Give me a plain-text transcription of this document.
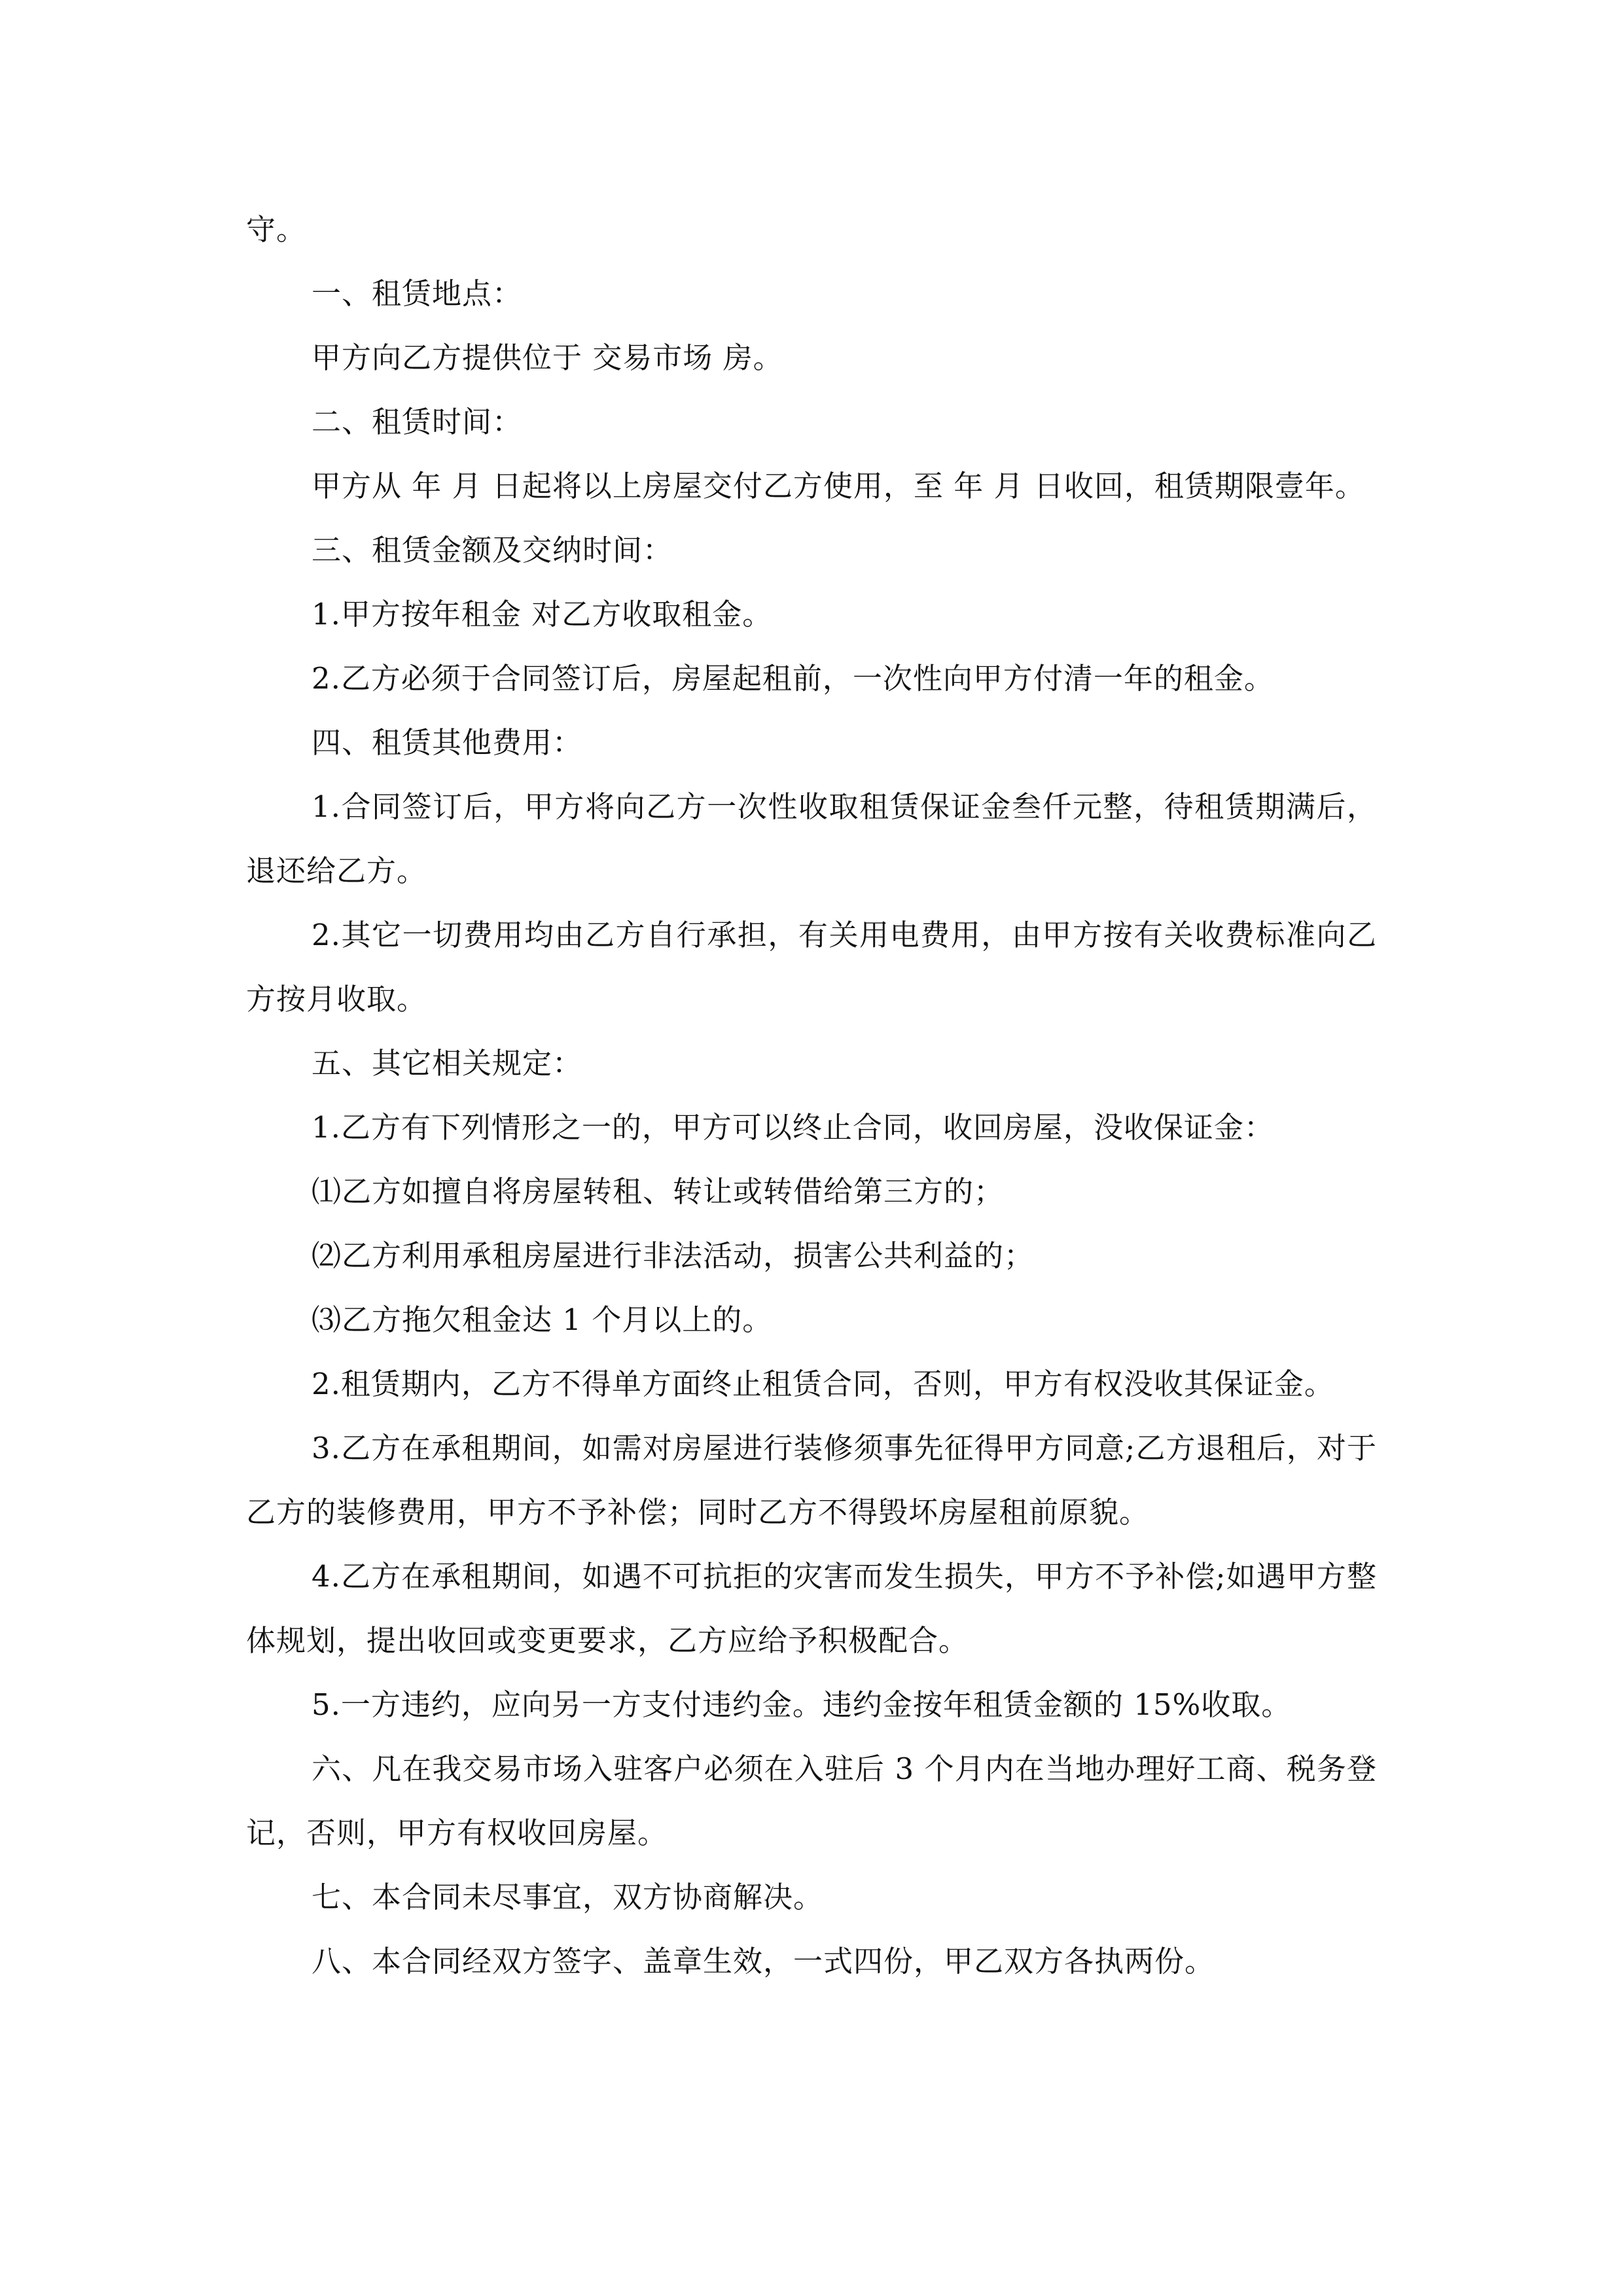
守。

一、租赁地点：

甲方向乙方提供位于 交易市场 房。

二、租赁时间：

甲方从 年 月 日起将以上房屋交付乙方使用，至 年 月 日收回，租赁期限壹年。

三、租赁金额及交纳时间：

1.甲方按年租金 对乙方收取租金。

2.乙方必须于合同签订后，房屋起租前，一次性向甲方付清一年的租金。

四、租赁其他费用：

1.合同签订后，甲方将向乙方一次性收取租赁保证金叁仟元整，待租赁期满后，退还给乙方。

2.其它一切费用均由乙方自行承担，有关用电费用，由甲方按有关收费标准向乙方按月收取。

五、其它相关规定：

1.乙方有下列情形之一的，甲方可以终止合同，收回房屋，没收保证金：

⑴乙方如擅自将房屋转租、转让或转借给第三方的；

⑵乙方利用承租房屋进行非法活动，损害公共利益的；

⑶乙方拖欠租金达 1 个月以上的。

2.租赁期内，乙方不得单方面终止租赁合同，否则，甲方有权没收其保证金。

3.乙方在承租期间，如需对房屋进行装修须事先征得甲方同意;乙方退租后，对于乙方的装修费用，甲方不予补偿；同时乙方不得毁坏房屋租前原貌。

4.乙方在承租期间，如遇不可抗拒的灾害而发生损失，甲方不予补偿;如遇甲方整体规划，提出收回或变更要求，乙方应给予积极配合。

5.一方违约，应向另一方支付违约金。违约金按年租赁金额的 15%收取。

六、凡在我交易市场入驻客户必须在入驻后 3 个月内在当地办理好工商、税务登记，否则，甲方有权收回房屋。

七、本合同未尽事宜，双方协商解决。

八、本合同经双方签字、盖章生效，一式四份，甲乙双方各执两份。
